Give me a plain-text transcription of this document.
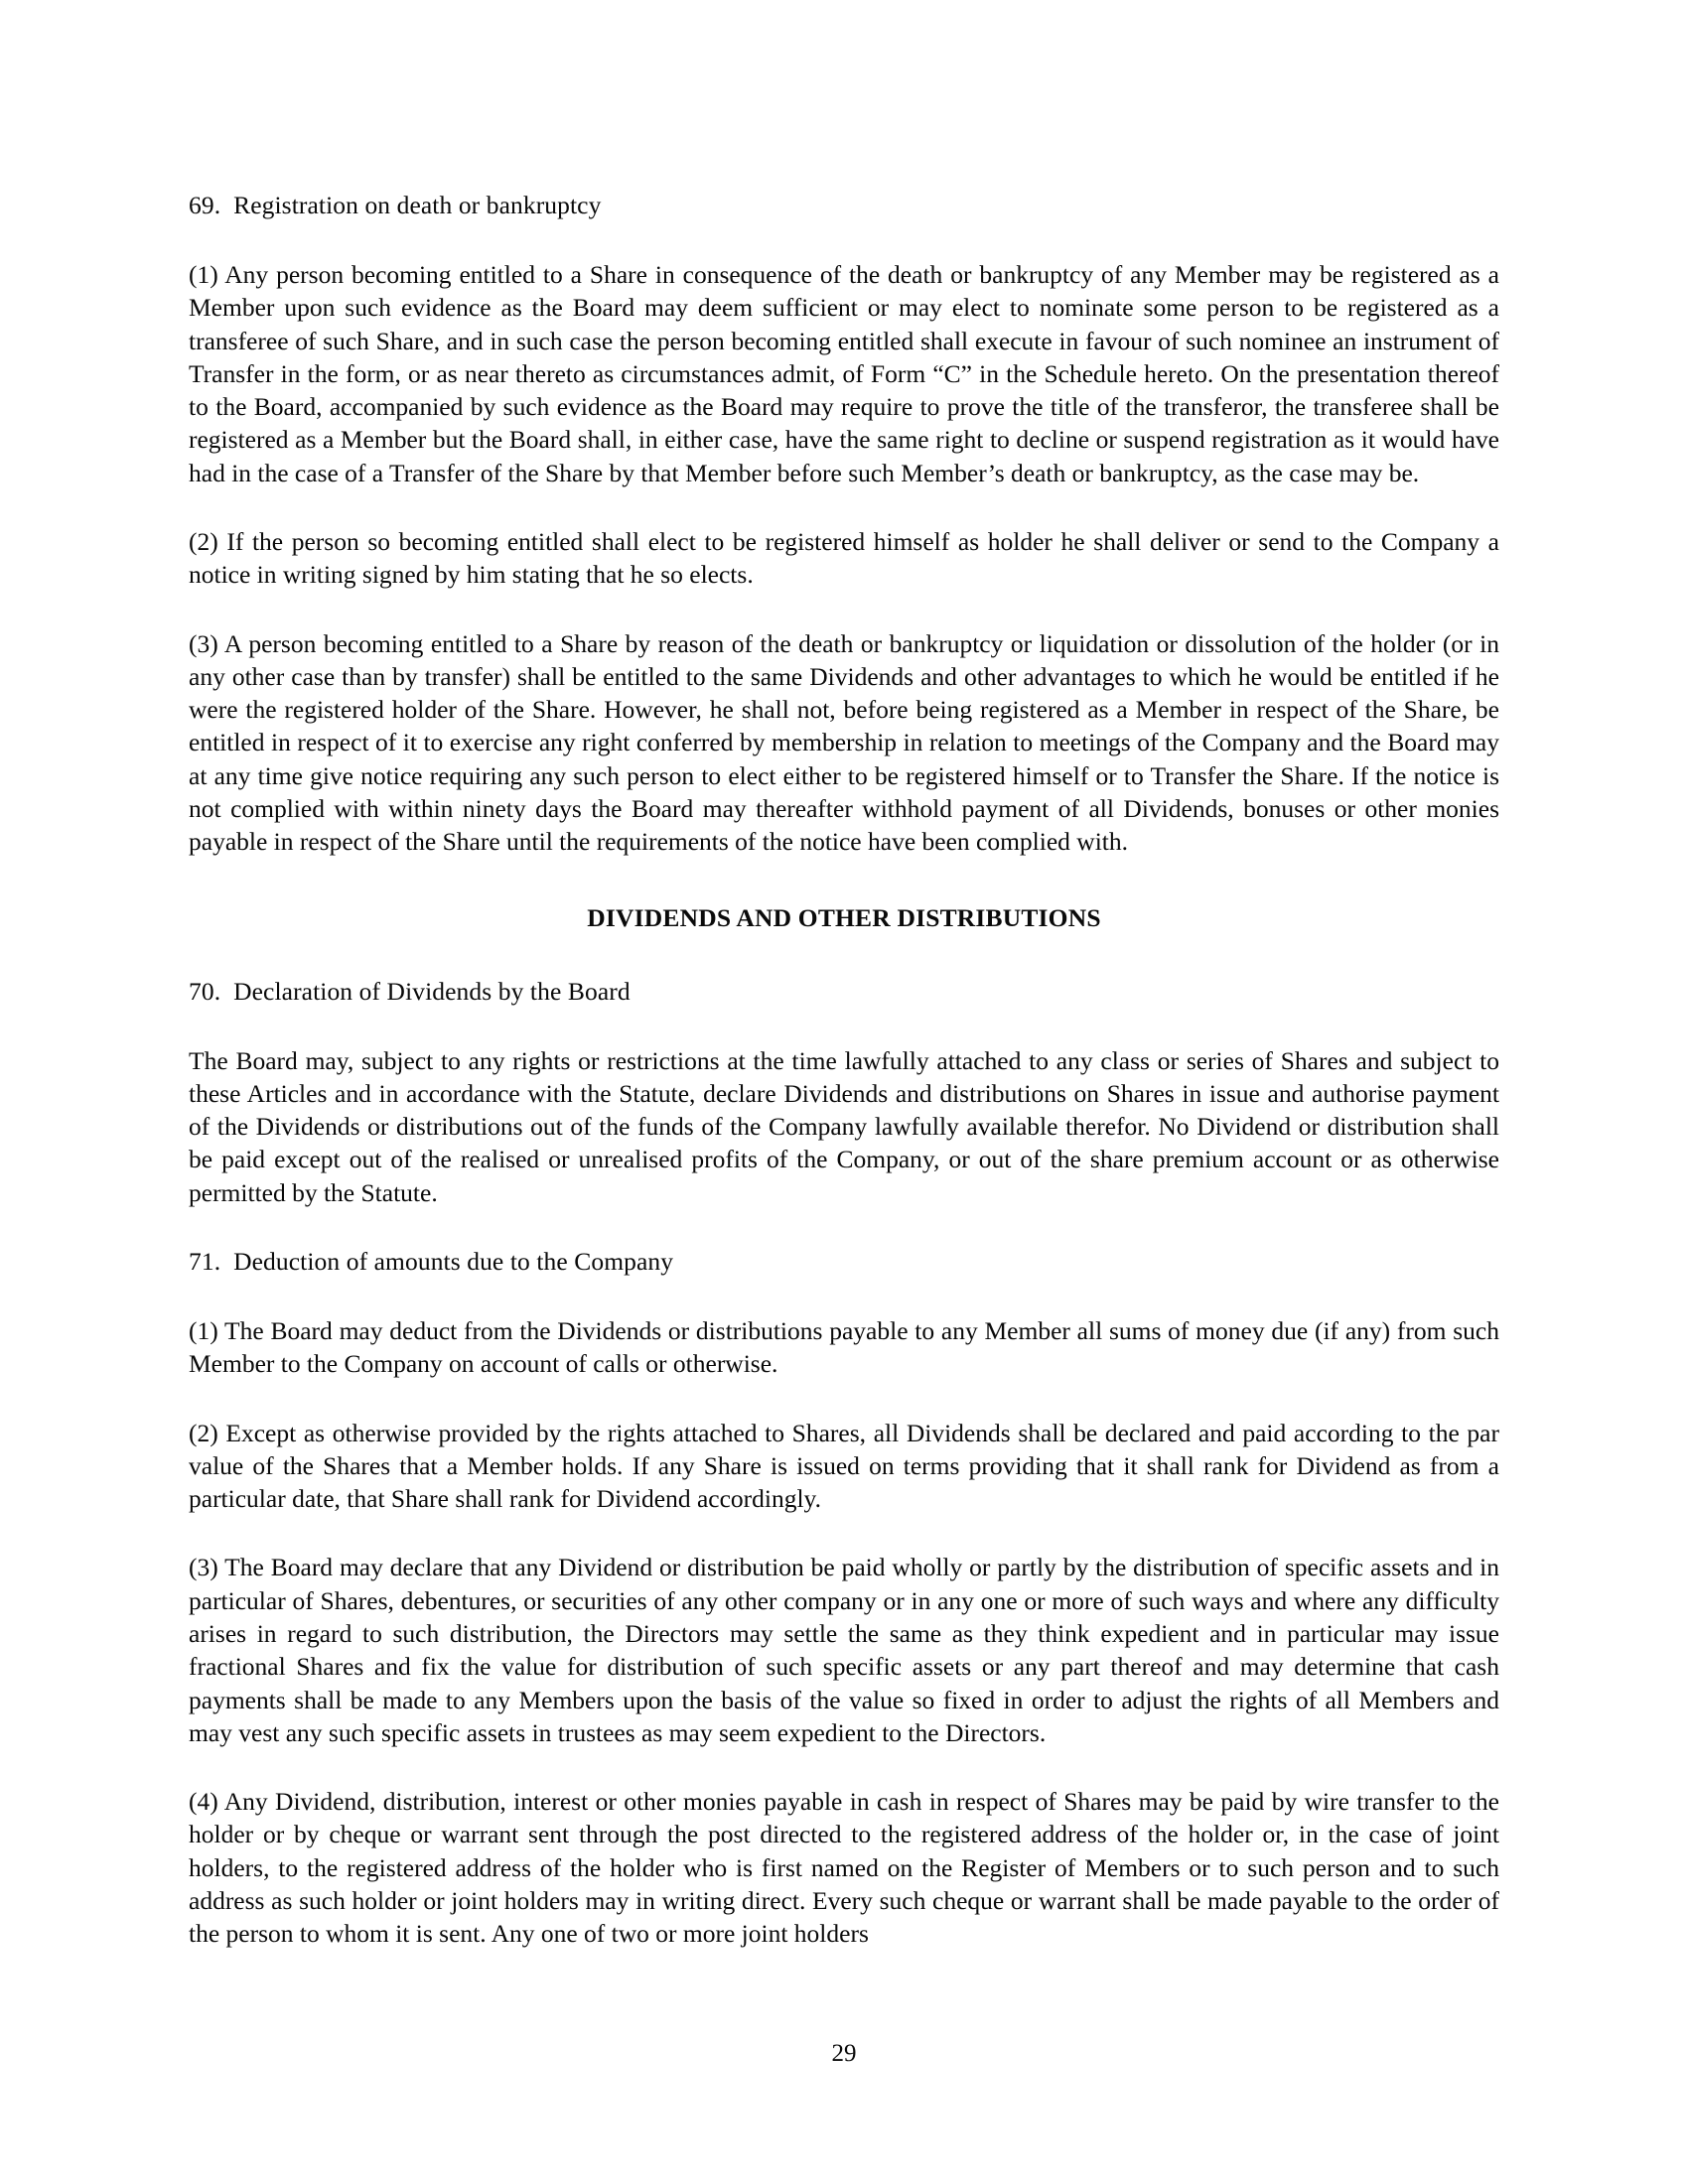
69.  Registration on death or bankruptcy
(1) Any person becoming entitled to a Share in consequence of the death or bankruptcy of any Member may be registered as a Member upon such evidence as the Board may deem sufficient or may elect to nominate some person to be registered as a transferee of such Share, and in such case the person becoming entitled shall execute in favour of such nominee an instrument of Transfer in the form, or as near thereto as circumstances admit, of Form “C” in the Schedule hereto. On the presentation thereof to the Board, accompanied by such evidence as the Board may require to prove the title of the transferor, the transferee shall be registered as a Member but the Board shall, in either case, have the same right to decline or suspend registration as it would have had in the case of a Transfer of the Share by that Member before such Member’s death or bankruptcy, as the case may be.
(2) If the person so becoming entitled shall elect to be registered himself as holder he shall deliver or send to the Company a notice in writing signed by him stating that he so elects.
(3) A person becoming entitled to a Share by reason of the death or bankruptcy or liquidation or dissolution of the holder (or in any other case than by transfer) shall be entitled to the same Dividends and other advantages to which he would be entitled if he were the registered holder of the Share. However, he shall not, before being registered as a Member in respect of the Share, be entitled in respect of it to exercise any right conferred by membership in relation to meetings of the Company and the Board may at any time give notice requiring any such person to elect either to be registered himself or to Transfer the Share. If the notice is not complied with within ninety days the Board may thereafter withhold payment of all Dividends, bonuses or other monies payable in respect of the Share until the requirements of the notice have been complied with.
DIVIDENDS AND OTHER DISTRIBUTIONS
70.  Declaration of Dividends by the Board
The Board may, subject to any rights or restrictions at the time lawfully attached to any class or series of Shares and subject to these Articles and in accordance with the Statute, declare Dividends and distributions on Shares in issue and authorise payment of the Dividends or distributions out of the funds of the Company lawfully available therefor. No Dividend or distribution shall be paid except out of the realised or unrealised profits of the Company, or out of the share premium account or as otherwise permitted by the Statute.
71.  Deduction of amounts due to the Company
(1) The Board may deduct from the Dividends or distributions payable to any Member all sums of money due (if any) from such Member to the Company on account of calls or otherwise.
(2) Except as otherwise provided by the rights attached to Shares, all Dividends shall be declared and paid according to the par value of the Shares that a Member holds. If any Share is issued on terms providing that it shall rank for Dividend as from a particular date, that Share shall rank for Dividend accordingly.
(3) The Board may declare that any Dividend or distribution be paid wholly or partly by the distribution of specific assets and in particular of Shares, debentures, or securities of any other company or in any one or more of such ways and where any difficulty arises in regard to such distribution, the Directors may settle the same as they think expedient and in particular may issue fractional Shares and fix the value for distribution of such specific assets or any part thereof and may determine that cash payments shall be made to any Members upon the basis of the value so fixed in order to adjust the rights of all Members and may vest any such specific assets in trustees as may seem expedient to the Directors.
(4) Any Dividend, distribution, interest or other monies payable in cash in respect of Shares may be paid by wire transfer to the holder or by cheque or warrant sent through the post directed to the registered address of the holder or, in the case of joint holders, to the registered address of the holder who is first named on the Register of Members or to such person and to such address as such holder or joint holders may in writing direct. Every such cheque or warrant shall be made payable to the order of the person to whom it is sent. Any one of two or more joint holders
29
